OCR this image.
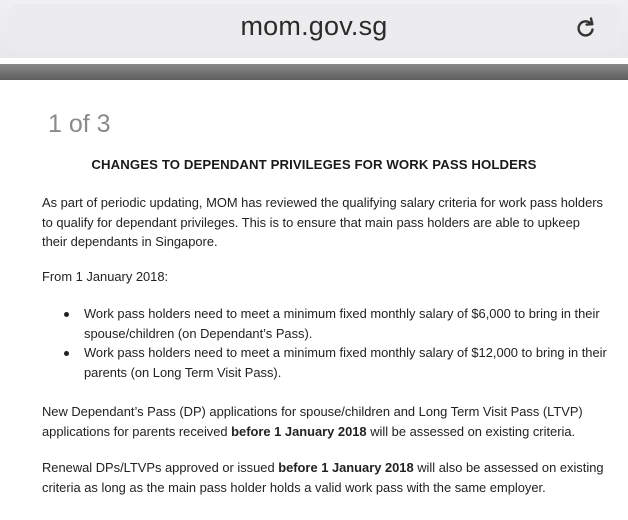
mom.gov.sg
1 of 3
CHANGES TO DEPENDANT PRIVILEGES FOR WORK PASS HOLDERS

As part of periodic updating, MOM has reviewed the qualifying salary criteria for work pass holders to qualify for dependant privileges. This is to ensure that main pass holders are able to upkeep their dependants in Singapore.

From 1 January 2018:

Work pass holders need to meet a minimum fixed monthly salary of $6,000 to bring in their spouse/children (on Dependant’s Pass).
Work pass holders need to meet a minimum fixed monthly salary of $12,000 to bring in their parents (on Long Term Visit Pass).

New Dependant’s Pass (DP) applications for spouse/children and Long Term Visit Pass (LTVP) applications for parents received before 1 January 2018 will be assessed on existing criteria.

Renewal DPs/LTVPs approved or issued before 1 January 2018 will also be assessed on existing criteria as long as the main pass holder holds a valid work pass with the same employer.
